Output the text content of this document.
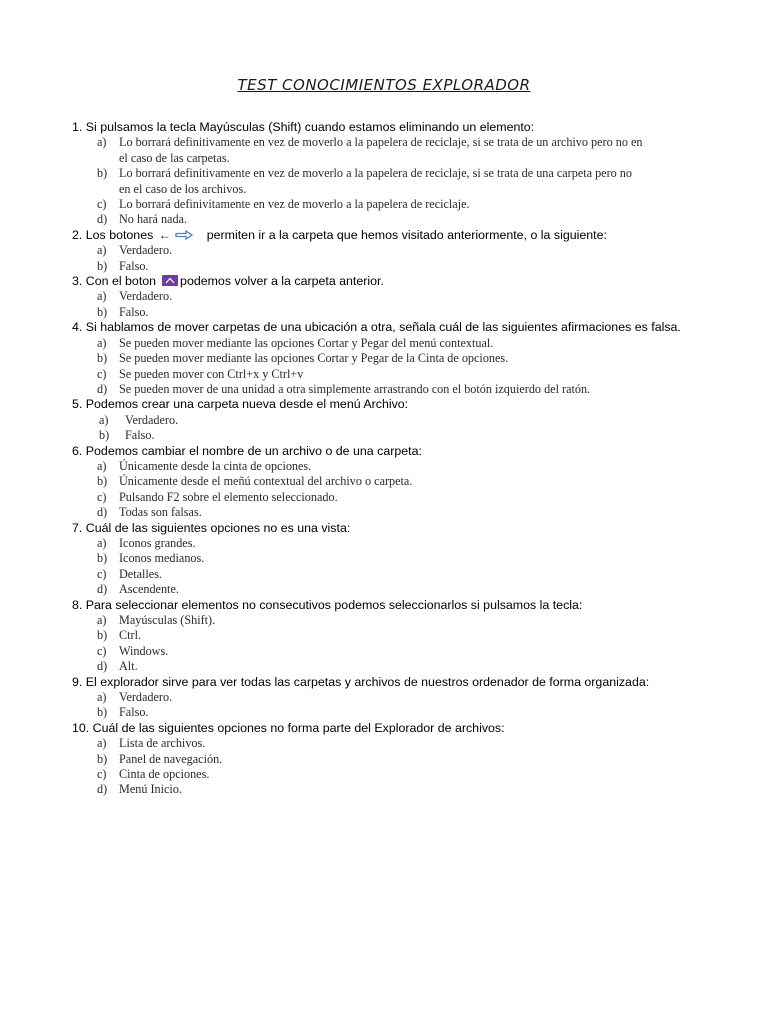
TEST CONOCIMIENTOS EXPLORADOR
1. Si pulsamos la tecla Mayúsculas (Shift) cuando estamos eliminando un elemento:
a)	Lo borrará definitivamente en vez de moverlo a la papelera de reciclaje, si se trata de un archivo pero no en
el caso de las carpetas.
b) Lo borrará definitivamente en vez de moverlo a la papelera de reciclaje, si se trata de una carpeta pero no
en el caso de los archivos.
c)	Lo borrará definivitamente en vez de moverlo a la papelera de reciclaje.
d) No hará nada.
2. Los botones ←	permiten ir a la carpeta que hemos visitado anteriormente, o la siguiente:
a)	Verdadero.
b) Falso.
3. Con el boton podemos volver a la carpeta anterior.
a)	Verdadero.
b) Falso.
4. Si hablamos de mover carpetas de una ubicación a otra, señala cuál de las siguientes afirmaciones es falsa.
a)	Se pueden mover mediante las opciones Cortar y Pegar del menú contextual.
b) Se pueden mover mediante las opciones Cortar y Pegar de la Cinta de opciones.
c)	Se pueden mover con Ctrl+x y Ctrl+v
d) Se pueden mover de una unidad a otra simplemente arrastrando con el botón izquierdo del ratón.
5. Podemos crear una carpeta nueva desde el menú Archivo:
a)	Verdadero.
b)	Falso.
6. Podemos cambiar el nombre de un archivo o de una carpeta:
a)	Únicamente desde la cinta de opciones.
b) Únicamente desde el meñú contextual del archivo o carpeta.
c)	Pulsando F2 sobre el elemento seleccionado.
d) Todas son falsas.
7. Cuál de las siguientes opciones no es una vista:
a)	Iconos grandes.
b) Iconos medianos.
c)	Detalles.
d) Ascendente.
8. Para seleccionar elementos no consecutivos podemos seleccionarlos si pulsamos la tecla:
a)	Mayúsculas (Shift).
b) Ctrl.
c)	Windows.
d) Alt.
9. El explorador sirve para ver todas las carpetas y archivos de nuestros ordenador de forma organizada:
a)	Verdadero.
b) Falso.
10. Cuál de las siguientes opciones no forma parte del Explorador de archivos:
a)	Lista de archivos.
b) Panel de navegación.
c)	Cinta de opciones.
d) Menú Inicio.
